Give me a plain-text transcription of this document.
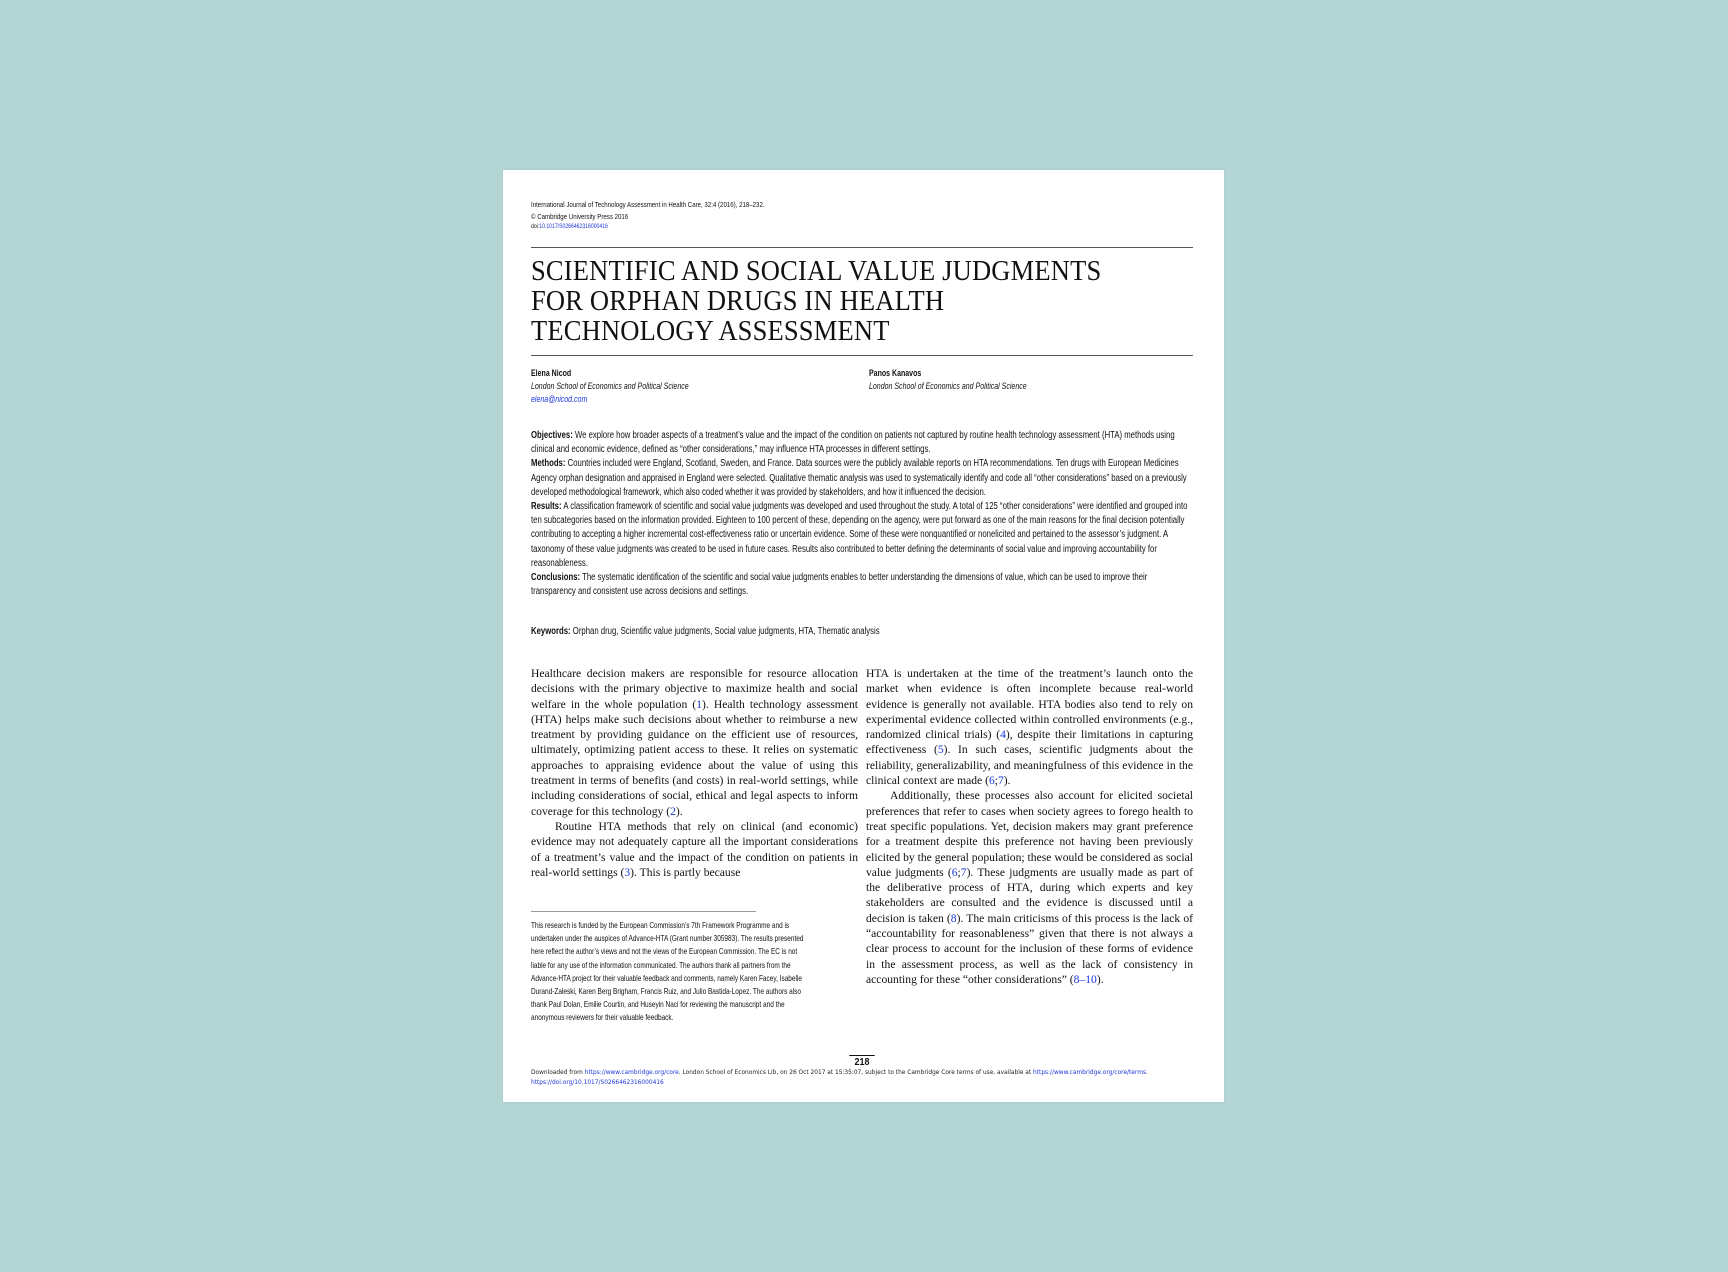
International Journal of Technology Assessment in Health Care, 32:4 (2016), 218–232.
© Cambridge University Press 2016
doi:10.1017/S0266462316000416
SCIENTIFIC AND SOCIAL VALUE JUDGMENTS
FOR ORPHAN DRUGS IN HEALTH
TECHNOLOGY ASSESSMENT
Elena Nicod
London School of Economics and Political Science
elena@nicod.com
Panos Kanavos
London School of Economics and Political Science

Objectives: We explore how broader aspects of a treatment’s value and the impact of the condition on patients not captured by routine health technology assessment (HTA) methods using clinical and economic evidence, defined as “other considerations,” may influence HTA processes in different settings.

Methods: Countries included were England, Scotland, Sweden, and France. Data sources were the publicly available reports on HTA recommendations. Ten drugs with European Medicines Agency orphan designation and appraised in England were selected. Qualitative thematic analysis was used to systematically identify and code all “other considerations” based on a previously developed methodological framework, which also coded whether it was provided by stakeholders, and how it influenced the decision.

Results: A classification framework of scientific and social value judgments was developed and used throughout the study. A total of 125 “other considerations” were identified and grouped into ten subcategories based on the information provided. Eighteen to 100 percent of these, depending on the agency, were put forward as one of the main reasons for the final decision potentially contributing to accepting a higher incremental cost-effectiveness ratio or uncertain evidence. Some of these were nonquantified or nonelicited and pertained to the assessor’s judgment. A taxonomy of these value judgments was created to be used in future cases. Results also contributed to better defining the determinants of social value and improving accountability for reasonableness.

Conclusions: The systematic identification of the scientific and social value judgments enables to better understanding the dimensions of value, which can be used to improve their transparency and consistent use across decisions and settings.

Keywords: Orphan drug, Scientific value judgments, Social value judgments, HTA, Thematic analysis

Healthcare decision makers are responsible for resource allocation decisions with the primary objective to maximize health and social welfare in the whole population (1). Health technology assessment (HTA) helps make such decisions about whether to reimburse a new treatment by providing guidance on the efficient use of resources, ultimately, optimizing patient access to these. It relies on systematic approaches to appraising evidence about the value of using this treatment in terms of benefits (and costs) in real-world settings, while including considerations of social, ethical and legal aspects to inform coverage for this technology (2).

Routine HTA methods that rely on clinical (and economic) evidence may not adequately capture all the important considerations of a treatment’s value and the impact of the condition on patients in real-world settings (3). This is partly because

HTA is undertaken at the time of the treatment’s launch onto the market when evidence is often incomplete because real-world evidence is generally not available. HTA bodies also tend to rely on experimental evidence collected within controlled environments (e.g., randomized clinical trials) (4), despite their limitations in capturing effectiveness (5). In such cases, scientific judgments about the reliability, generalizability, and meaningfulness of this evidence in the clinical context are made (6;7).

Additionally, these processes also account for elicited societal preferences that refer to cases when society agrees to forego health to treat specific populations. Yet, decision makers may grant preference for a treatment despite this preference not having been previously elicited by the general population; these would be considered as social value judgments (6;7). These judgments are usually made as part of the deliberative process of HTA, during which experts and key stakeholders are consulted and the evidence is discussed until a decision is taken (8). The main criticisms of this process is the lack of “accountability for reasonableness” given that there is not always a clear process to account for the inclusion of these forms of evidence in the assessment process, as well as the lack of consistency in accounting for these “other considerations” (8–10).

This research is funded by the European Commission’s 7th Framework Programme and is undertaken under the auspices of Advance-HTA (Grant number 305983). The results presented here reflect the author’s views and not the views of the European Commission. The EC is not liable for any use of the information communicated. The authors thank all partners from the Advance-HTA project for their valuable feedback and comments, namely Karen Facey, Isabelle Durand-Zaleski, Karen Berg Brigham, Francis Ruiz, and Julio Bastida-Lopez. The authors also thank Paul Dolan, Emilie Courtin, and Huseyin Naci for reviewing the manuscript and the anonymous reviewers for their valuable feedback.
218
Downloaded from https://www.cambridge.org/core. London School of Economics Lib, on 26 Oct 2017 at 15:35:07, subject to the Cambridge Core terms of use, available at https://www.cambridge.org/core/terms. https://doi.org/10.1017/S0266462316000416
